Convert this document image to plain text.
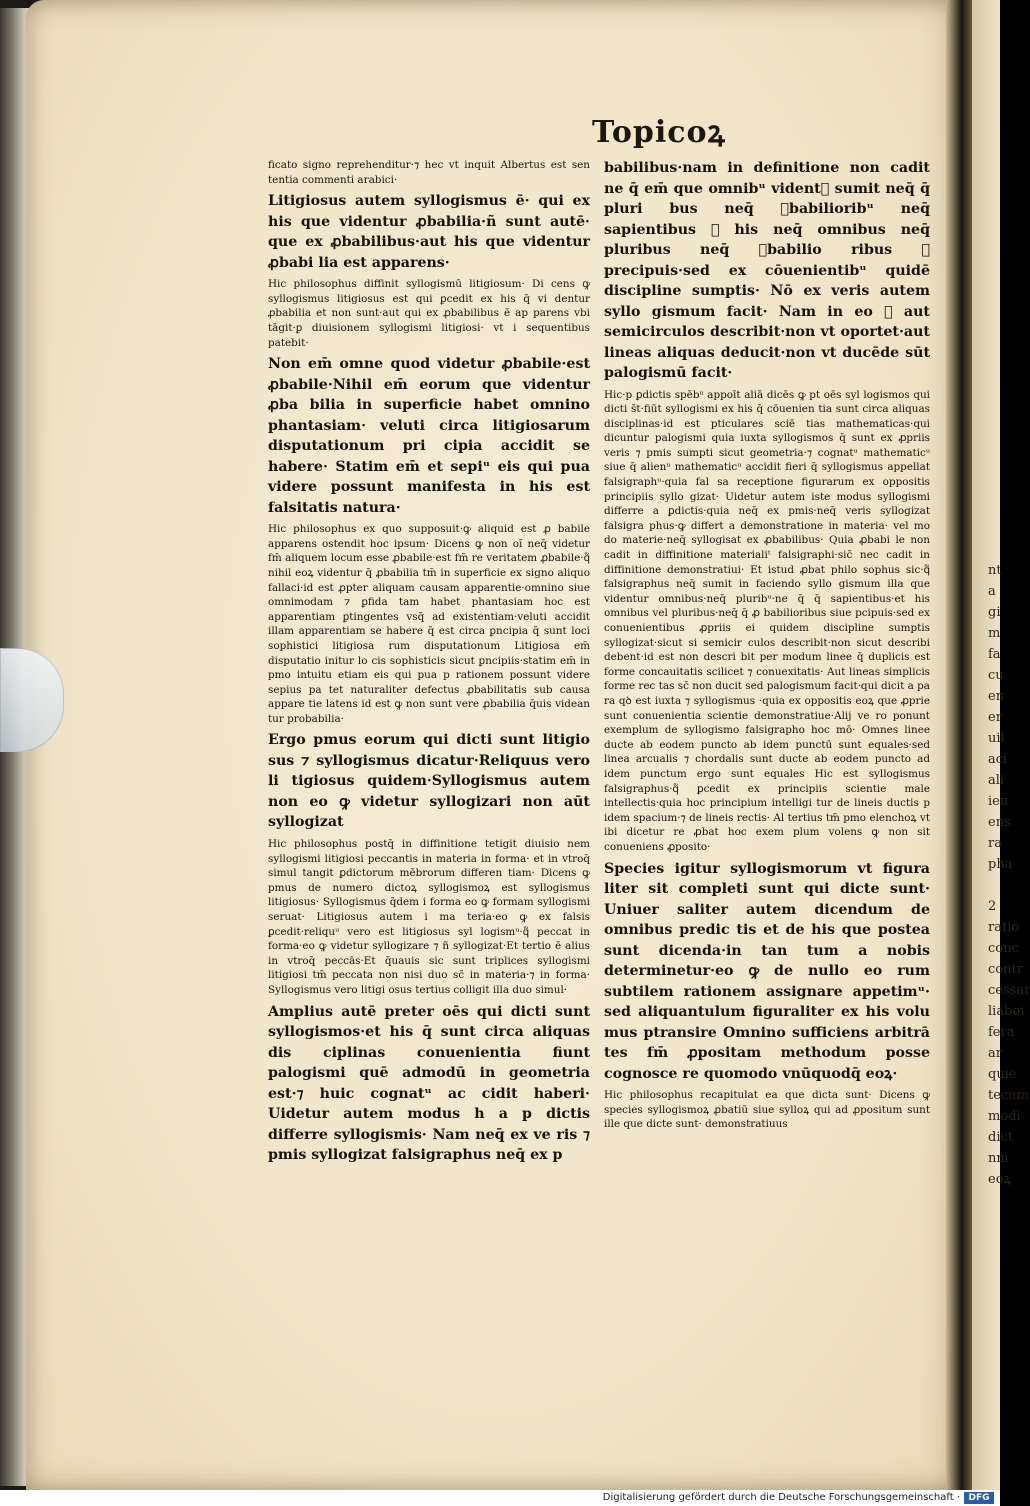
Topicoꝝ
nt
a
gi
m
fa
cu
en
er
uil
aci
ali
ien
ens
ra
pha
2
ratio
conc
contr
cessar
liaboi
fera
ar
quie
tecum
modi
dict
nm
eoꝝ

ficato signo reprehenditur·⁊ hec vt inquit Albertus est sen tentia commenti arabici·

Litigiosus autem syllogismus ē· qui ex his que videntur ꝓbabilia·ñ sunt autē· que ex ꝓbabilibus·aut his que videntur ꝓbabi lia est apparens·

Hic philosophus diffinit syllogismū litigiosum· Di cens ꝙ syllogismus litigiosus est qui ꝑcedit ex his q̄ vi dentur ꝓbabilia et non sunt·aut qui ex ꝓbabilibus ē ap parens vbi tāgit·ꝑ diuisionem syllogismi litigiosi· vt i sequentibus patebit·

Non em̄ omne quod videtur ꝓbabile·est ꝓbabile·Nihil em̄ eorum que videntur ꝓba bilia in superficie habet omnino phantasiam· veluti circa litigiosarum disputationum pri cipia accidit se habere· Statim em̄ et sepiᵘ eis qui pua videre possunt manifesta in his est falsitatis natura·

Hic philosophus ex quo supposuit·ꝙ aliquid est ꝓ babile apparens ostendit hoc ipsum· Dicens ꝙ non oı̄ neq̄ videtur fm̄ aliquem locum esse ꝓbabile·est fm̄ re veritatem ꝓbabile·q᷑ nihil eoꝝ videntur q̄ ꝓbabilia tm̄ in superficie ex signo aliquo fallaci·id est ꝓpter aliquam causam apparentie·omnino siue omnimodam ⁊ ꝑfida tam habet phantasiam hoc est apparentiam ꝑtingentes vsq̄ ad existentiam·veluti accidit illam apparentiam se habere q̄ est circa ꝑncipia q̄ sunt loci sophistici litigiosa rum disputationum Litigiosa em̄ disputatio initur lo cis sophisticis sicut ꝑncipiis·statim em̄ in pmo intuitu etiam eis qui pua p rationem possunt videre sepius pa tet naturaliter defectus ꝓbabilitatis sub causa appare tie latens id est ꝙ non sunt vere ꝓbabilia q̄uis videan tur probabilia·

Ergo pmus eorum qui dicti sunt litigio sus ⁊ syllogismus dicatur·Reliquus vero li tigiosus quidem·Syllogismus autem non eo ꝙ videtur syllogizari non aūt syllogizat

Hic philosophus postq̄ in diffinitione tetigit diuisio nem syllogismi litigiosi peccantis in materia in forma· et in vtroq̄ simul tangit ꝑdictorum mēbrorum differen tiam· Dicens ꝙ pmus de numero dictoꝝ syllogismoꝝ est syllogismus litigiosus· Syllogismus q̄dem i forma eo ꝙ formam syllogismi seruat· Litigiosus autem i ma teria·eo ꝙ ex falsis ꝑcedit·reliquᵘ vero est litigiosus syl logismᵘ·q᷑ peccat in forma·eo ꝙ videtur syllogizare ⁊ ñ syllogizat·Et tertio ē alius in vtroq̄ peccās·Et q̄uauis sic sunt triplices syllogismi litigiosi tm̄ peccata non nisi duo sc̄ in materia·⁊ in forma· Syllogismus vero litigi osus tertius colligit illa duo simul·

Amplius autē preter oēs qui dicti sunt syllogismos·et his q̄ sunt circa aliquas dis ciplinas conuenientia fiunt palogismi quē admodū in geometria est·⁊ huic cognatᵘ ac cidit haberi· Uidetur autem modus h a p dictis differre syllogismis· Nam neq̄ ex ve ris ⁊ pmis syllogizat falsigraphus neq̄ ex p

babilibus·nam in definitione non cadit ne q̄ em̄ que omnibᵘ videntᷣ sumit neq̄ q̄ pluri bus neq̄ ꝓbabilioribᵘ neq̄ sapientibus ⁊ his neq̄ omnibus neq̄ pluribus neq̄ ꝓbabilio ribus ⁊ precipuis·sed ex cōuenientibᵘ quidē discipline sumptis· Nō ex veris autem syllo gismum facit· Nam in eo ꝙ aut semicirculos describit·non vt oportet·aut lineas aliquas deducit·non vt ducēde sūt palogismū facit·

Hic·p ꝑdictis spēbᵘ appoīt aliā dicēs ꝙ pt oēs syl logismos qui dicti s̄t·fiūt syllogismi ex his q̄ cōuenien tia sunt circa aliquas disciplinas·id est pticulares sciē tias mathematicas·qui dicuntur palogismi quia iuxta syllogismos q̄ sunt ex ꝓpriis veris ⁊ pmis sumpti sicut geometria·⁊ cognatᵘ mathematicᵘ siue q̄ alienᵘ mathematicᵘ accidit fieri q̄ syllogismus appellat falsigraphᵘ·quia fal sa receptione figurarum ex oppositis principiis syllo gizat· Uidetur autem iste modus syllogismi differre a ꝑdictis·quia neq̄ ex pmis·neq̄ veris syllogizat falsigra phus·ꝙ differt a demonstratione in materia· vel mo do materie·neq̄ syllogisat ex ꝓbabilibus· Quia ꝓbabi le non cadit in diffinitione materialiᵗ falsigraphi·sic̄ nec cadit in diffinitione demonstratiui· Et istud ꝓbat philo sophus sic·q᷑ falsigraphus neq̄ sumit in faciendo syllo gismum illa que videntur omnibus·neq̄ pluribᵘ·ne q̄ q̄ sapientibus·et his omnibus vel pluribus·neq̄ q̄ ꝓ babilioribus siue pcipuis·sed ex conuenientibus ꝓpriis ei quidem discipline sumptis syllogizat·sicut si semicir culos describit·non sicut describi debent·id est non descri bit per modum linee q̄ duplicis est forme concauitatis scilicet ⁊ conuexitatis· Aut lineas simplicis forme rec tas sc̄ non ducit sed palogismum facit·qui dicit a pa ra qꝺ est iuxta ⁊ syllogismus ·quia ex oppositis eoꝝ que ꝓprie sunt conuenientia scientie demonstratiue·Alij ve ro ponunt exemplum de syllogismo falsigrapho hoc mō· Omnes linee ducte ab eodem puncto ab idem punctū sunt equales·sed linea arcualis ⁊ chordalis sunt ducte ab eodem puncto ad idem punctum ergo sunt equales Hic est syllogismus falsigraphus·q᷑ ꝑcedit ex principiis scientie male intellectis·quia hoc principium intelligi tur de lineis ductis p idem spacium·⁊ de lineis rectis· Al tertius tm̄ pmo elenchoꝝ vt ibi dicetur re ꝓbat hoc exem plum volens ꝙ non sit conueniens ꝓposito·

Species igitur syllogismorum vt figura liter sit completi sunt qui dicte sunt· Uniuer saliter autem dicendum de omnibus predic tis et de his que postea sunt dicenda·in tan tum a nobis determinetur·eo ꝙ de nullo eo rum subtilem rationem assignare appetimᵘ· sed aliquantulum figuraliter ex his volu mus ptransire Omnino sufficiens arbitrā tes fm̄ ꝓpositam methodum posse cognosce re quomodo vnūquodq̄ eoꝝ·

Hic philosophus recapitulat ea que dicta sunt· Dicens ꝙ species syllogismoꝝ ꝓbatiū siue sylloꝝ qui ad ꝓpositum sunt ille que dicte sunt· demonstratiuus

Digitalisierung gefördert durch die Deutsche Forschungsgemeinschaft · DFG
